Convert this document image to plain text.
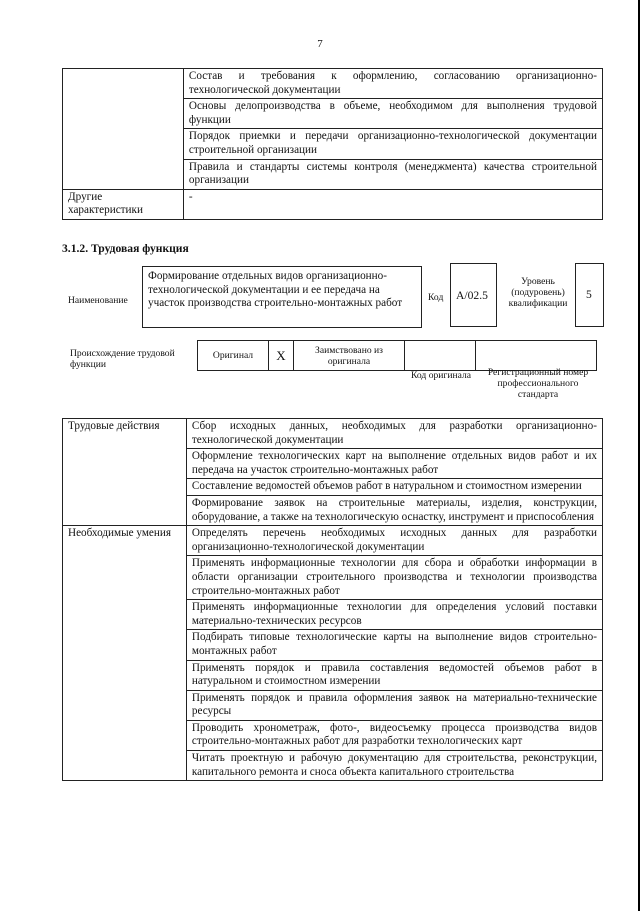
7
	Состав и требования к оформлению, согласованию организационно-технологической документации
	Основы делопроизводства в объеме, необходимом для выполнения трудовой функции
	Порядок приемки и передачи организационно-технологической документации строительной организации
	Правила и стандарты системы контроля (менеджмента) качества строительной организации
Другие характеристики	-
3.1.2. Трудовая функция
Наименование
Формирование отдельных видов организационно-технологической документации и ее передача на участок производства строительно-монтажных работ	Код A/02.5
Уровень (подуровень) квалификации
5
Происхождение трудовой функции
Оригинал	X	Заимствовано из оригинала		
Код оригинала	Регистрационный номер профессионального стандарта
Трудовые действия	Сбор исходных данных, необходимых для разработки организационно-технологической документации
	Оформление технологических карт на выполнение отдельных видов работ и их передача на участок строительно-монтажных работ
	Составление ведомостей объемов работ в натуральном и стоимостном измерении
	Формирование заявок на строительные материалы, изделия, конструкции, оборудование, а также на технологическую оснастку, инструмент и приспособления
Необходимые умения	Определять перечень необходимых исходных данных для разработки организационно-технологической документации
	Применять информационные технологии для сбора и обработки информации в области организации строительного производства и технологии производства строительно-монтажных работ
	Применять информационные технологии для определения условий поставки материально-технических ресурсов
	Подбирать типовые технологические карты на выполнение видов строительно-монтажных работ
	Применять порядок и правила составления ведомостей объемов работ в натуральном и стоимостном измерении
	Применять порядок и правила оформления заявок на материально-технические ресурсы
	Проводить хронометраж, фото-, видеосъемку процесса производства видов строительно-монтажных работ для разработки технологических карт
	Читать проектную и рабочую документацию для строительства, реконструкции, капитального ремонта и сноса объекта капитального строительства
